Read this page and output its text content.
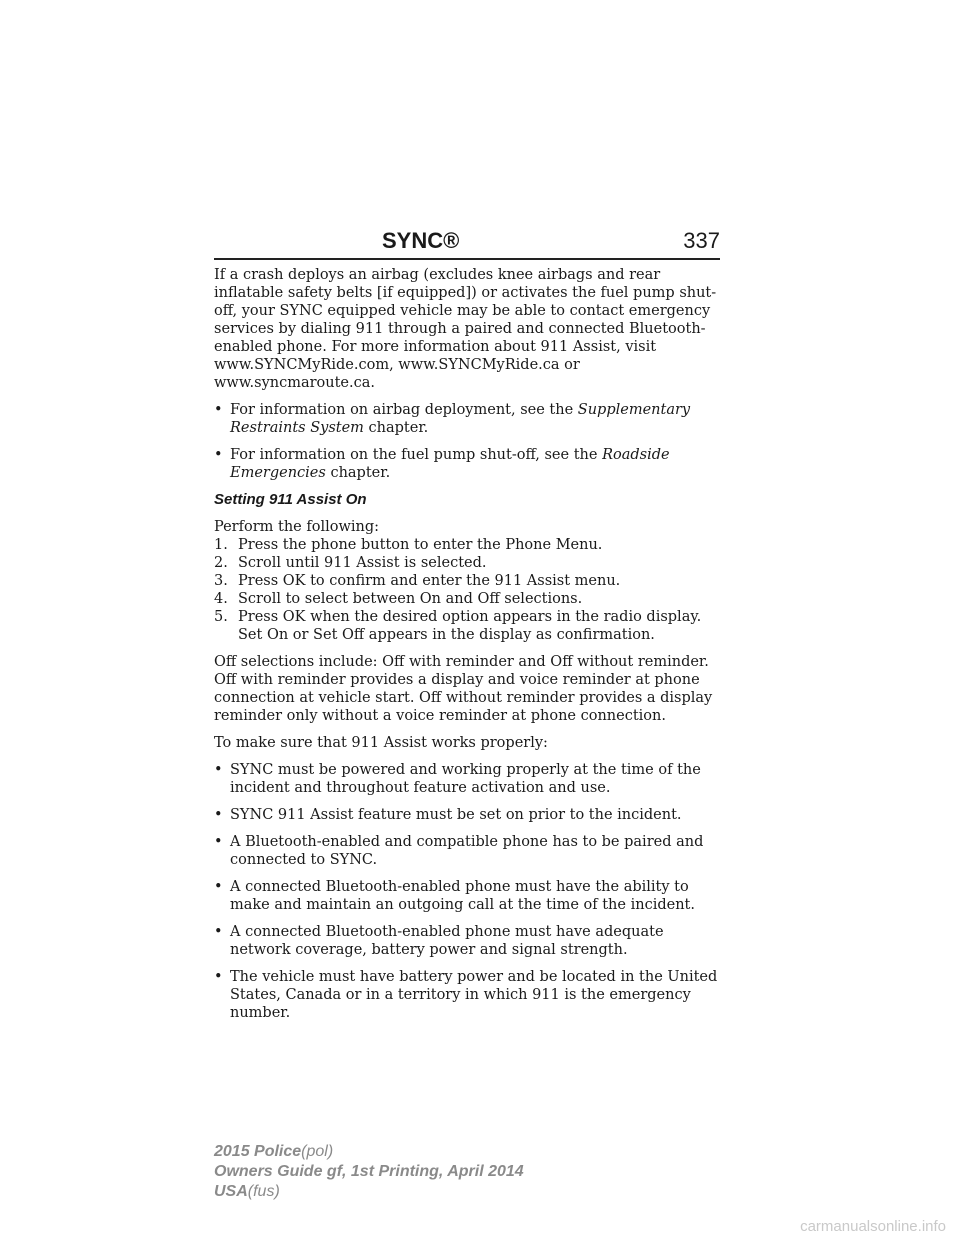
SYNC®	337

If a crash deploys an airbag (excludes knee airbags and rear inflatable safety belts [if equipped]) or activates the fuel pump shut-off, your SYNC equipped vehicle may be able to contact emergency services by dialing 911 through a paired and connected Bluetooth-enabled phone. For more information about 911 Assist, visit www.SYNCMyRide.com, www.SYNCMyRide.ca or www.syncmaroute.ca.

• For information on airbag deployment, see the Supplementary Restraints System chapter.
• For information on the fuel pump shut-off, see the Roadside Emergencies chapter.
Setting 911 Assist On
Perform the following:
1. Press the phone button to enter the Phone Menu.
2. Scroll until 911 Assist is selected.
3. Press OK to confirm and enter the 911 Assist menu.
4. Scroll to select between On and Off selections.
5. Press OK when the desired option appears in the radio display. Set On or Set Off appears in the display as confirmation.

Off selections include: Off with reminder and Off without reminder. Off with reminder provides a display and voice reminder at phone connection at vehicle start. Off without reminder provides a display reminder only without a voice reminder at phone connection.

To make sure that 911 Assist works properly:

• SYNC must be powered and working properly at the time of the incident and throughout feature activation and use.
• SYNC 911 Assist feature must be set on prior to the incident.
• A Bluetooth-enabled and compatible phone has to be paired and connected to SYNC.
• A connected Bluetooth-enabled phone must have the ability to make and maintain an outgoing call at the time of the incident.
• A connected Bluetooth-enabled phone must have adequate network coverage, battery power and signal strength.
• The vehicle must have battery power and be located in the United States, Canada or in a territory in which 911 is the emergency number.
2015 Police(pol)
Owners Guide gf, 1st Printing, April 2014
USA(fus)
carmanualsonline.info
